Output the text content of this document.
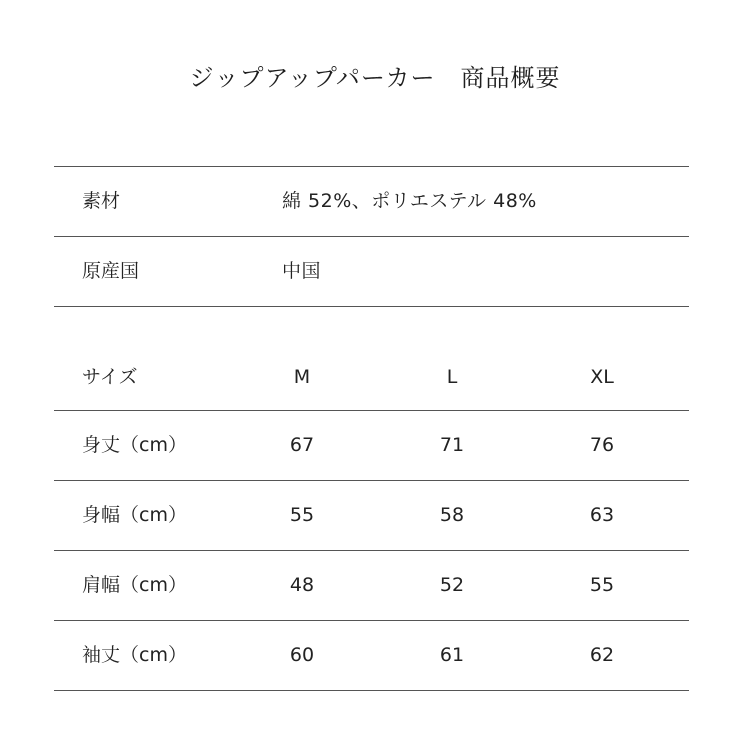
ジップアップパーカー　商品概要
素材	綿 52%、ポリエステル 48%
原産国	中国
サイズ	M	L	XL
身丈（cm）	67	71	76
身幅（cm）	55	58	63
肩幅（cm）	48	52	55
袖丈（cm）	60	61	62
